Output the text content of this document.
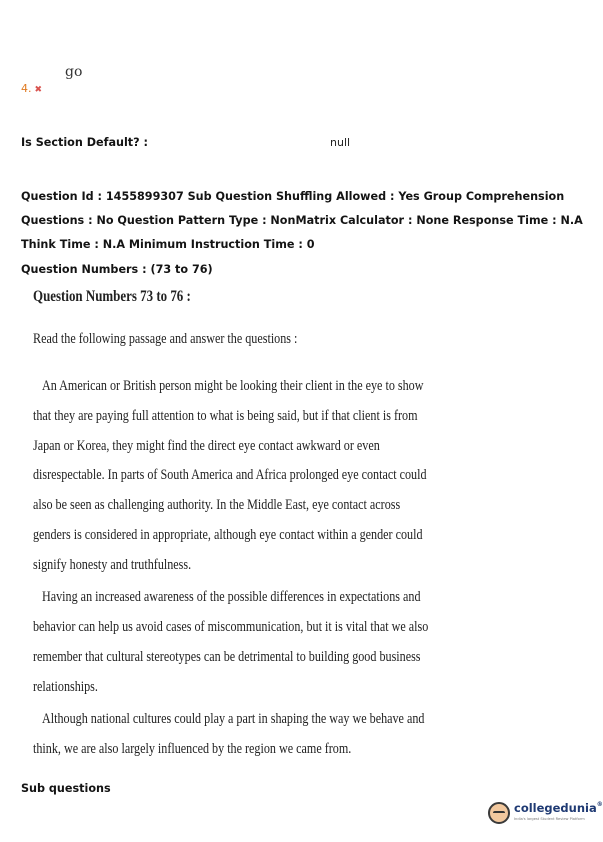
go
4. ✖
Is Section Default? :	null
Question Id : 1455899307 Sub Question Shuffling Allowed : Yes Group Comprehension
Questions : No Question Pattern Type : NonMatrix Calculator : None Response Time : N.A
Think Time : N.A Minimum Instruction Time : 0
Question Numbers : (73 to 76)
Question Numbers 73 to 76 :
Read the following passage and answer the questions :
An American or British person might be looking their client in the eye to show
that they are paying full attention to what is being said, but if that client is from
Japan or Korea, they might find the direct eye contact awkward or even
disrespectable. In parts of South America and Africa prolonged eye contact could
also be seen as challenging authority. In the Middle East, eye contact across
genders is considered in appropriate, although eye contact within a gender could
signify honesty and truthfulness.
Having an increased awareness of the possible differences in expectations and
behavior can help us avoid cases of miscommunication, but it is vital that we also
remember that cultural stereotypes can be detrimental to building good business
relationships.
Although national cultures could play a part in shaping the way we behave and
think, we are also largely influenced by the region we came from.
Sub questions
collegedunia®
India's largest Student Review Platform
